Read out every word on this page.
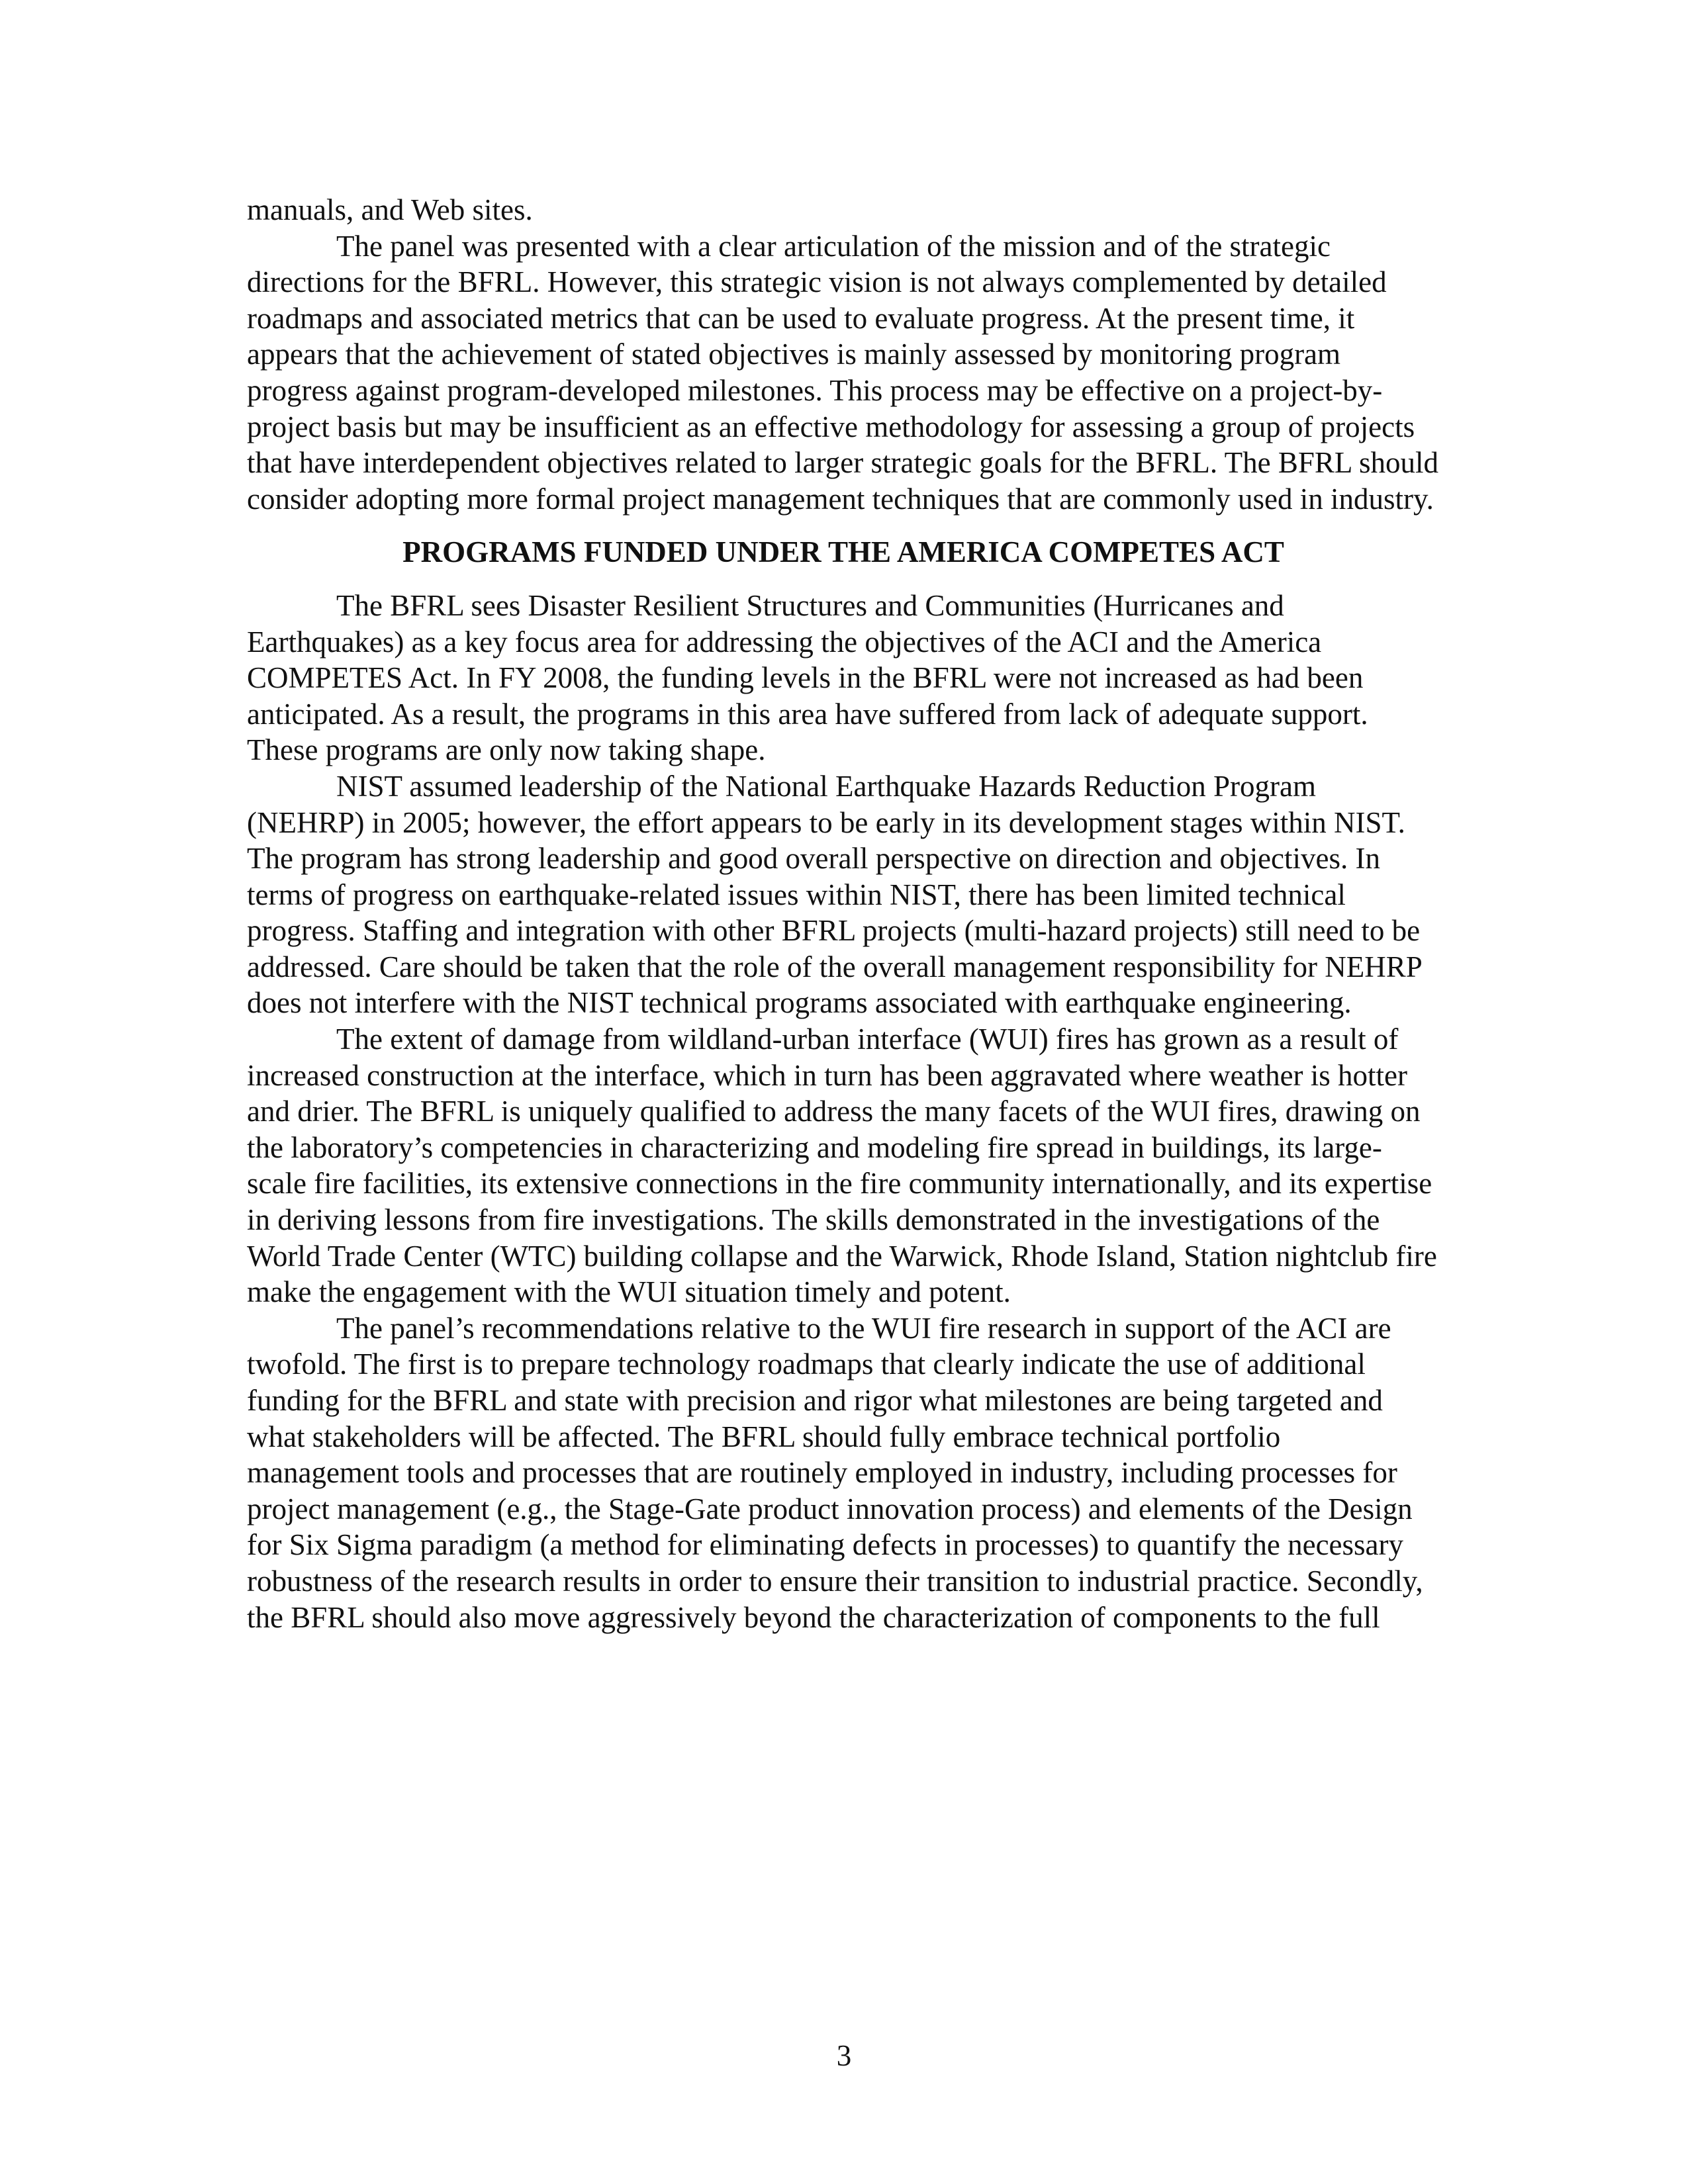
manuals, and Web sites.

The panel was presented with a clear articulation of the mission and of the strategic directions for the BFRL. However, this strategic vision is not always complemented by detailed roadmaps and associated metrics that can be used to evaluate progress. At the present time, it appears that the achievement of stated objectives is mainly assessed by monitoring program progress against program-developed milestones. This process may be effective on a project-by-project basis but may be insufficient as an effective methodology for assessing a group of projects that have interdependent objectives related to larger strategic goals for the BFRL. The BFRL should consider adopting more formal project management techniques that are commonly used in industry.

PROGRAMS FUNDED UNDER THE AMERICA COMPETES ACT

The BFRL sees Disaster Resilient Structures and Communities (Hurricanes and Earthquakes) as a key focus area for addressing the objectives of the ACI and the America COMPETES Act. In FY 2008, the funding levels in the BFRL were not increased as had been anticipated. As a result, the programs in this area have suffered from lack of adequate support. These programs are only now taking shape.

NIST assumed leadership of the National Earthquake Hazards Reduction Program (NEHRP) in 2005; however, the effort appears to be early in its development stages within NIST. The program has strong leadership and good overall perspective on direction and objectives. In terms of progress on earthquake-related issues within NIST, there has been limited technical progress. Staffing and integration with other BFRL projects (multi-hazard projects) still need to be addressed. Care should be taken that the role of the overall management responsibility for NEHRP does not interfere with the NIST technical programs associated with earthquake engineering.

The extent of damage from wildland-urban interface (WUI) fires has grown as a result of increased construction at the interface, which in turn has been aggravated where weather is hotter and drier. The BFRL is uniquely qualified to address the many facets of the WUI fires, drawing on the laboratory’s competencies in characterizing and modeling fire spread in buildings, its large-scale fire facilities, its extensive connections in the fire community internationally, and its expertise in deriving lessons from fire investigations. The skills demonstrated in the investigations of the World Trade Center (WTC) building collapse and the Warwick, Rhode Island, Station nightclub fire make the engagement with the WUI situation timely and potent.

The panel’s recommendations relative to the WUI fire research in support of the ACI are twofold. The first is to prepare technology roadmaps that clearly indicate the use of additional funding for the BFRL and state with precision and rigor what milestones are being targeted and what stakeholders will be affected. The BFRL should fully embrace technical portfolio management tools and processes that are routinely employed in industry, including processes for project management (e.g., the Stage-Gate product innovation process) and elements of the Design for Six Sigma paradigm (a method for eliminating defects in processes) to quantify the necessary robustness of the research results in order to ensure their transition to industrial practice. Secondly, the BFRL should also move aggressively beyond the characterization of components to the full

3
